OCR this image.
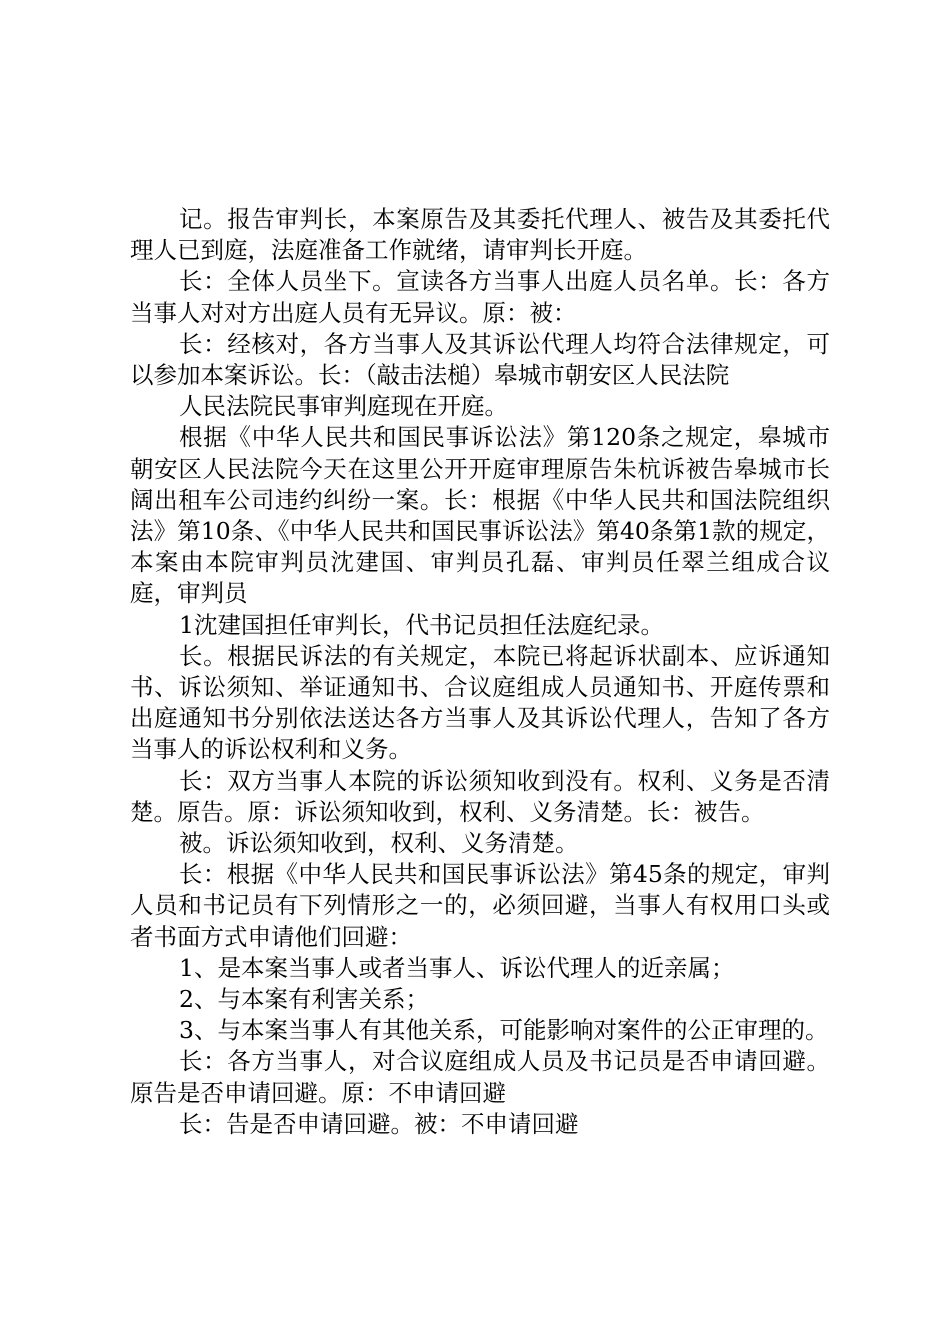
记。报告审判长，本案原告及其委托代理人、被告及其委托代理人已到庭，法庭准备工作就绪，请审判长开庭。

长：全体人员坐下。宣读各方当事人出庭人员名单。长：各方当事人对对方出庭人员有无异议。原：被：

长：经核对，各方当事人及其诉讼代理人均符合法律规定，可以参加本案诉讼。长：（敲击法槌）皋城市朝安区人民法院

人民法院民事审判庭现在开庭。

根据《中华人民共和国民事诉讼法》第120条之规定，皋城市朝安区人民法院今天在这里公开开庭审理原告朱杭诉被告皋城市长阔出租车公司违约纠纷一案。长：根据《中华人民共和国法院组织法》第10条、《中华人民共和国民事诉讼法》第40条第1款的规定，本案由本院审判员沈建国、审判员孔磊、审判员任翠兰组成合议庭，审判员

1沈建国担任审判长，代书记员担任法庭纪录。

长。根据民诉法的有关规定，本院已将起诉状副本、应诉通知书、诉讼须知、举证通知书、合议庭组成人员通知书、开庭传票和出庭通知书分别依法送达各方当事人及其诉讼代理人，告知了各方当事人的诉讼权利和义务。

长：双方当事人本院的诉讼须知收到没有。权利、义务是否清楚。原告。原：诉讼须知收到，权利、义务清楚。长：被告。

被。诉讼须知收到，权利、义务清楚。

长：根据《中华人民共和国民事诉讼法》第45条的规定，审判人员和书记员有下列情形之一的，必须回避，当事人有权用口头或者书面方式申请他们回避：

1、是本案当事人或者当事人、诉讼代理人的近亲属；

2、与本案有利害关系；

3、与本案当事人有其他关系，可能影响对案件的公正审理的。

长：各方当事人，对合议庭组成人员及书记员是否申请回避。原告是否申请回避。原：不申请回避

长：告是否申请回避。被：不申请回避
